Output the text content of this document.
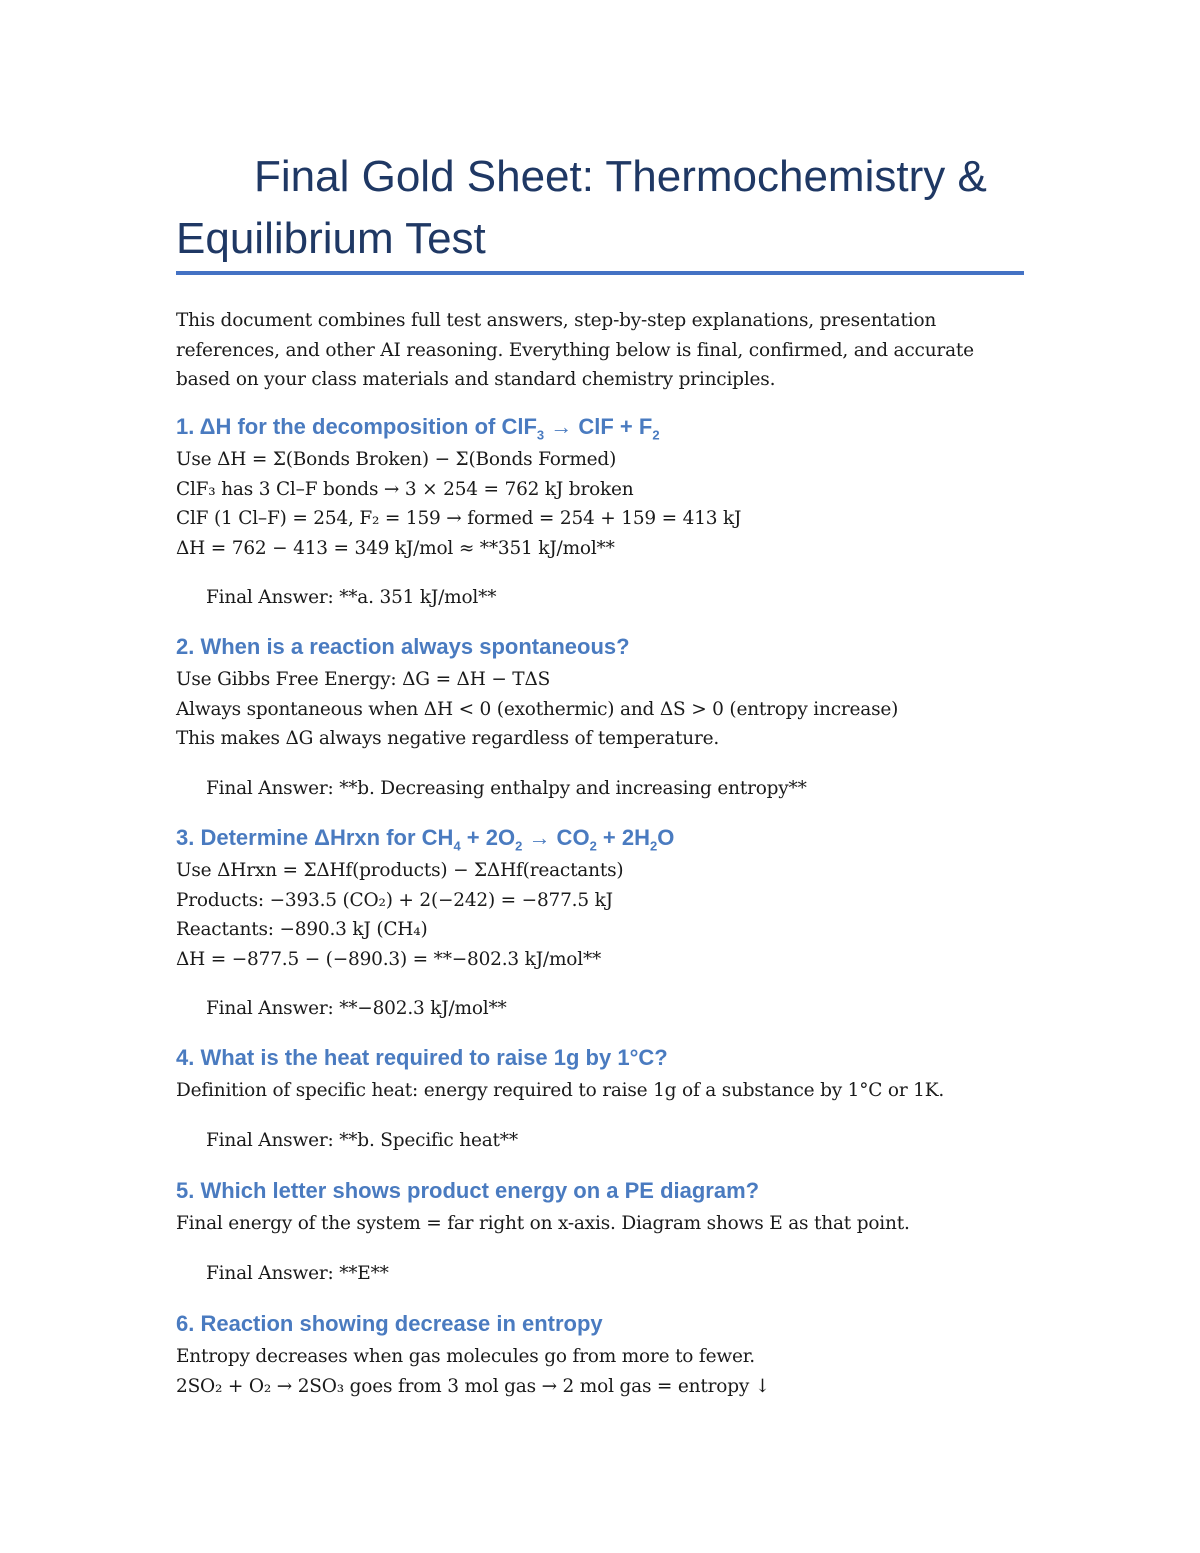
Final Gold Sheet: Thermochemistry & Equilibrium Test

This document combines full test answers, step-by-step explanations, presentation references, and other AI reasoning. Everything below is final, confirmed, and accurate based on your class materials and standard chemistry principles.

1. ΔH for the decomposition of ClF$_3$ → ClF + $F_2$

Use ΔH = Σ(Bonds Broken) − Σ(Bonds Formed)

ClF₃ has 3 Cl–F bonds → 3 × 254 = 762 kJ broken

ClF (1 Cl–F) = 254, F₂ = 159 → formed = 254 + 159 = 413 kJ

ΔH = 762 − 413 = 349 kJ/mol ≈ **351 kJ/mol**

Final Answer: **a. 351 kJ/mol**

2. When is a reaction always spontaneous?

Use Gibbs Free Energy: ΔG = ΔH − TΔS

Always spontaneous when ΔH < 0 (exothermic) and ΔS > 0 (entropy increase)

This makes ΔG always negative regardless of temperature.

Final Answer: **b. Decreasing enthalpy and increasing entropy**

3. Determine ΔHrxn for $CH_4 + 2O_2 \to CO_2 + 2H_2O$

Use ΔHrxn = ΣΔHf(products) − ΣΔHf(reactants)

Products: −393.5 (CO₂) + 2(−242) = −877.5 kJ

Reactants: −890.3 kJ (CH₄)

ΔH = −877.5 − (−890.3) = **−802.3 kJ/mol**

Final Answer: **−802.3 kJ/mol**

4. What is the heat required to raise 1g by 1°C?

Definition of specific heat: energy required to raise 1g of a substance by 1°C or 1K.

Final Answer: **b. Specific heat**

5. Which letter shows product energy on a PE diagram?

Final energy of the system = far right on x-axis. Diagram shows E as that point.

Final Answer: **E**

6. Reaction showing decrease in entropy

Entropy decreases when gas molecules go from more to fewer.

2SO₂ + O₂ → 2SO₃ goes from 3 mol gas → 2 mol gas = entropy ↓
